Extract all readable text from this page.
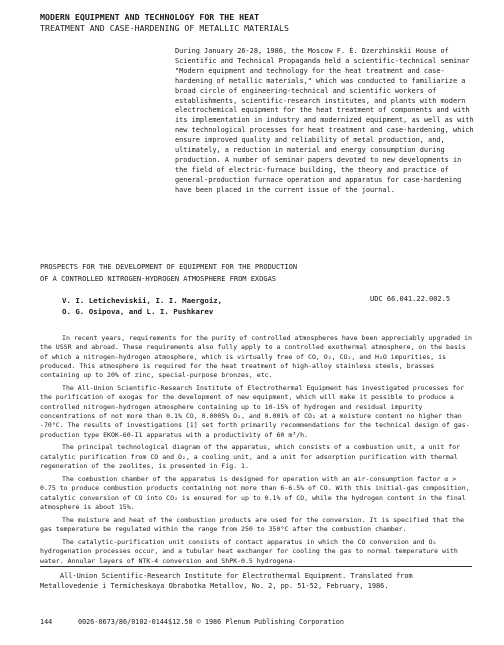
MODERN EQUIPMENT AND TECHNOLOGY FOR THE HEAT
TREATMENT AND CASE-HARDENING OF METALLIC MATERIALS
During January 26-28, 1986, the Moscow F. É. Dzerzhinskii House of Scientific and Technical Propaganda held a scientific-technical seminar "Modern equipment and technology for the heat treatment and case-hardening of metallic materials," which was conducted to familiarize a broad circle of engineering-technical and scientific workers of establishments, scientific-research institutes, and plants with modern electrochemical equipment for the heat treatment of components and with its implementation in industry and modernized equipment, as well as with new technological processes for heat treatment and case-hardening, which ensure improved quality and reliability of metal production, and, ultimately, a reduction in material and energy consumption during production. A number of seminar papers devoted to new developments in the field of electric-furnace building, the theory and practice of general-production furnace operation and apparatus for case-hardening have been placed in the current issue of the journal.
PROSPECTS FOR THE DEVELOPMENT OF EQUIPMENT FOR THE PRODUCTION
OF A CONTROLLED NITROGEN-HYDROGEN ATMOSPHERE FROM EXOGAS
V. I. Leticheviskii, I. I. Maergoiz,
O. G. Osipova, and L. I. Pushkarev
UDC 66.041.22.002.5

In recent years, requirements for the purity of controlled atmospheres have been appreciably upgraded in the USSR and abroad. These requirements also fully apply to a controlled exothermal atmosphere, on the basis of which a nitrogen-hydrogen atmosphere, which is virtually free of CO, O₂, CO₂, and H₂O impurities, is produced. This atmosphere is required for the heat treatment of high-alloy stainless steels, brasses containing up to 20% of zinc, special-purpose bronzes, etc.

The All-Union Scientific-Research Institute of Electrothermal Equipment has investigated processes for the purification of exogas for the development of new equipment, which will make it possible to produce a controlled nitrogen-hydrogen atmosphere containing up to 10-15% of hydrogen and residual impurity concentrations of not more than 0.1% CO, 0.0005% O₂, and 0.001% of CO₂ at a moisture content no higher than -70°C. The results of investigations [1] set forth primarily recommendations for the technical design of gas-production type EKOK-60-I1 apparatus with a productivity of 60 m³/h.

The principal technological diagram of the apparatus, which consists of a combustion unit, a unit for catalytic purification from CO and O₂, a cooling unit, and a unit for adsorption purification with thermal regeneration of the zeolites, is presented in Fig. 1.

The combustion chamber of the apparatus is designed for operation with an air-consumption factor α > 0.75 to produce combustion products containing not more than 6-6.5% of CO. With this initial-gas composition, catalytic conversion of CO into CO₂ is ensured for up to 0.1% of CO, while the hydrogen content in the final atmosphere is about 15%.

The moisture and heat of the combustion products are used for the conversion. It is specified that the gas temperature be regulated within the range from 250 to 350°C after the combustion chamber.

The catalytic-purification unit consists of contact apparatus in which the CO conversion and O₂ hydrogenation processes occur, and a tubular heat exchanger for cooling the gas to normal temperature with water. Annular layers of NTK-4 conversion and ShPK-0.5 hydrogena-

All-Union Scientific-Research Institute for Electrothermal Equipment. Translated from
Metallovedenie i Termicheskaya Obrabotka Metallov, No. 2, pp. 51-52, February, 1986.
144	0026-0673/86/0102-0144$12.50 © 1986 Plenum Publishing Corporation
